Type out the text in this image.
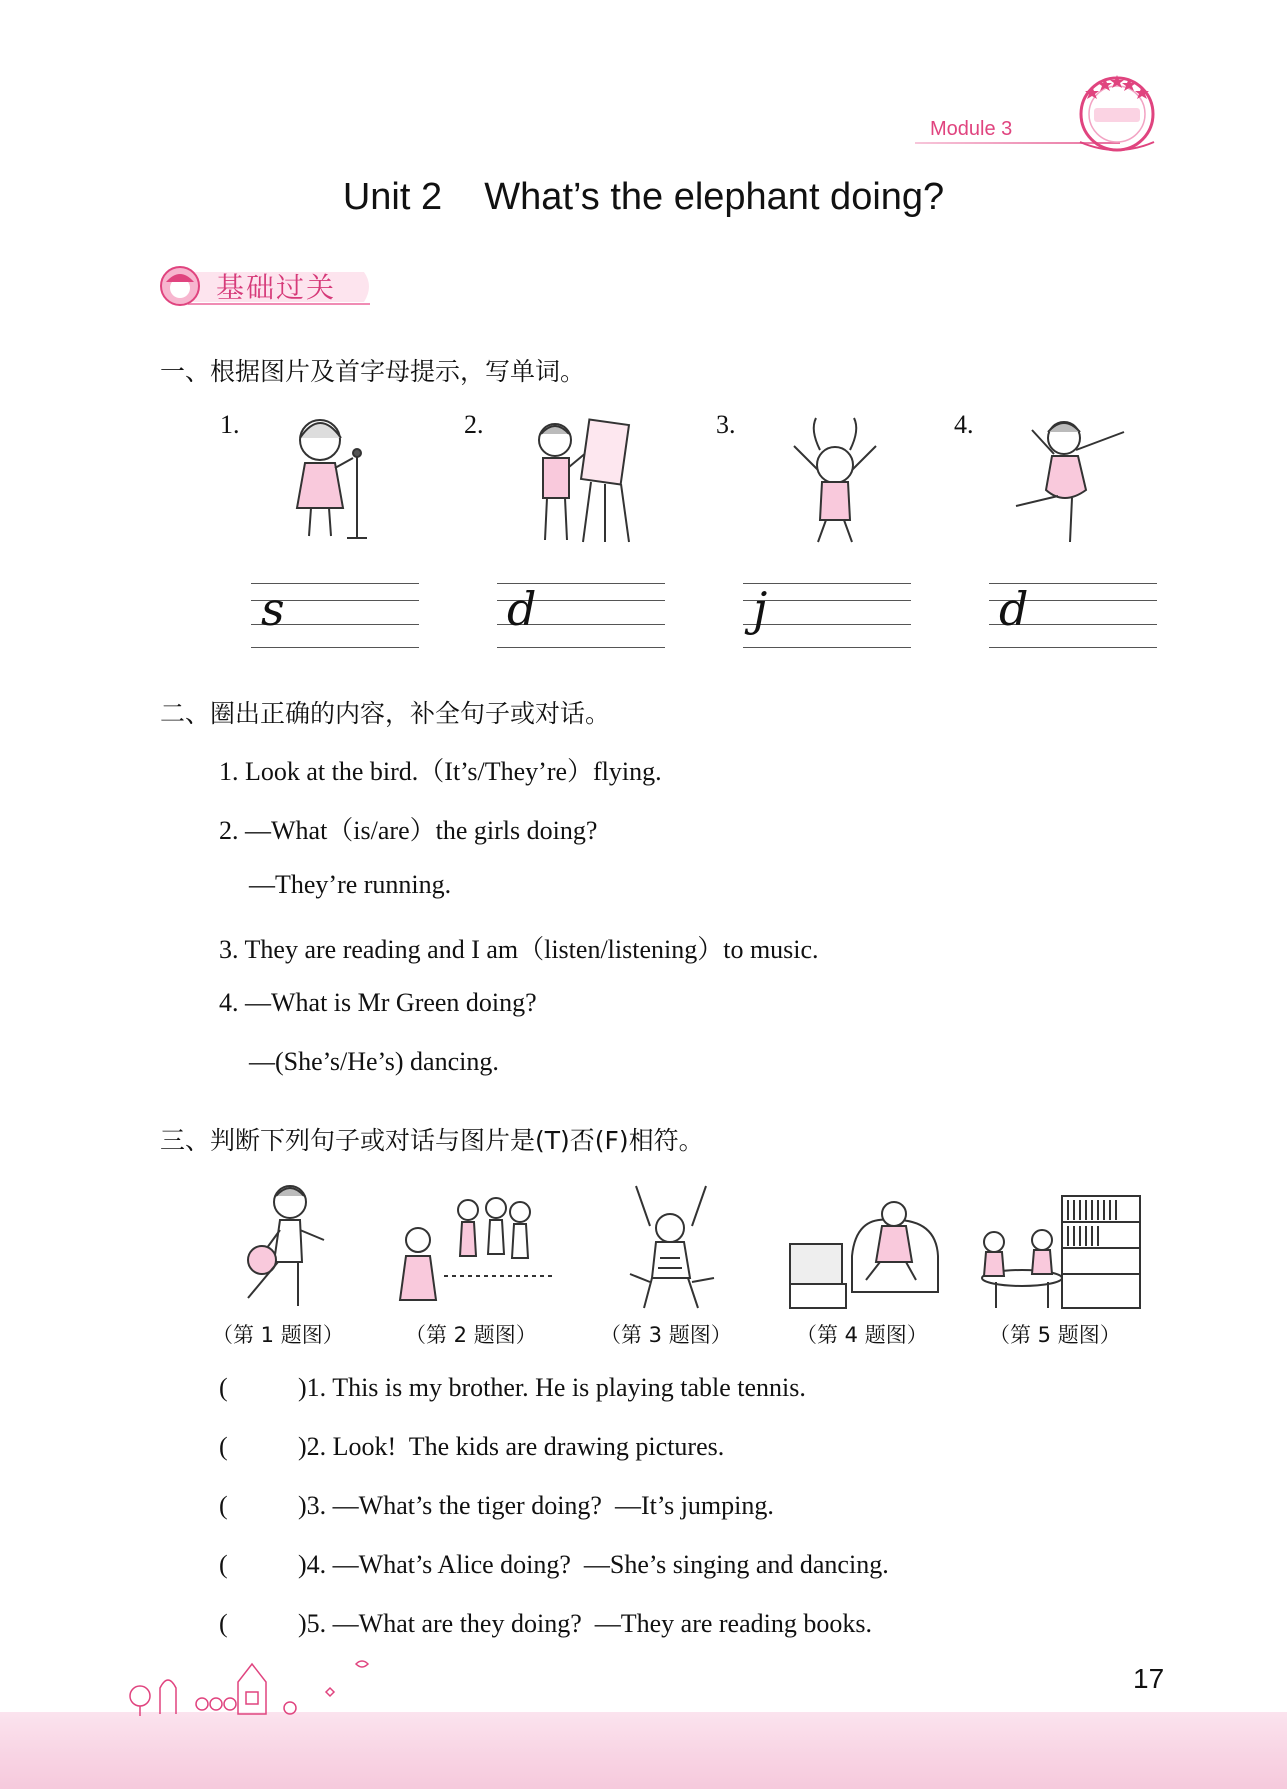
Module 3
Unit 2    What’s the elephant doing?
基础过关
一、根据图片及首字母提示，写单词。
1.	2.	3.	4.
s	d	j	d
二、圈出正确的内容，补全句子或对话。
1. Look at the bird.（It’s/They’re）flying.
2. —What（is/are）the girls doing?
—They’re running.
3. They are reading and I am（listen/listening）to music.
4. —What is Mr Green doing?
—(She’s/He’s) dancing.
三、判断下列句子或对话与图片是(T)否(F)相符。
（第 1 题图）	（第 2 题图）	（第 3 题图）	（第 4 题图）	（第 5 题图）
(	)1. This is my brother. He is playing table tennis.
(	)2. Look!  The kids are drawing pictures.
(	)3. —What’s the tiger doing?  —It’s jumping.
(	)4. —What’s Alice doing?  —She’s singing and dancing.
(	)5. —What are they doing?  —They are reading books.
17
